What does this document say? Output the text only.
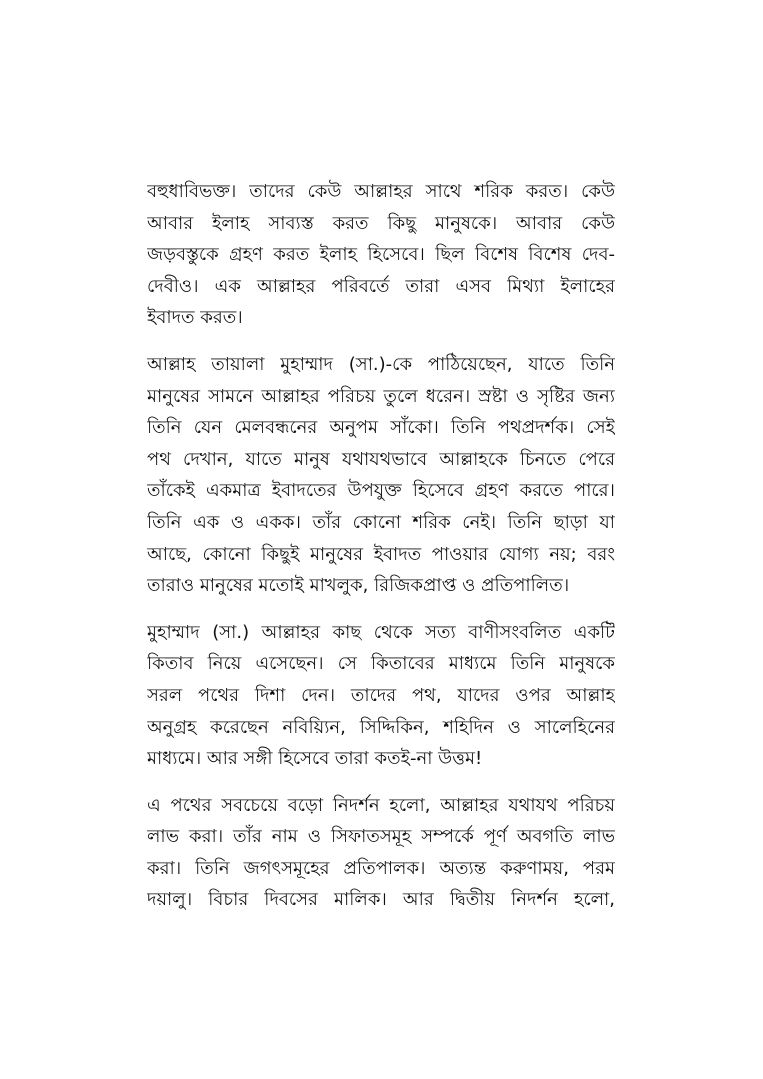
বহুধাবিভক্ত। তাদের কেউ আল্লাহর সাথে শরিক করত। কেউ
আবার ইলাহ সাব্যস্ত করত কিছু মানুষকে। আবার কেউ
জড়বস্তুকে গ্রহণ করত ইলাহ হিসেবে। ছিল বিশেষ বিশেষ দেব-
দেবীও। এক আল্লাহর পরিবর্তে তারা এসব মিথ্যা ইলাহের
ইবাদত করত।

আল্লাহ তায়ালা মুহাম্মাদ (সা.)-কে পাঠিয়েছেন, যাতে তিনি
মানুষের সামনে আল্লাহর পরিচয় তুলে ধরেন। স্রষ্টা ও সৃষ্টির জন্য
তিনি যেন মেলবন্ধনের অনুপম সাঁকো। তিনি পথপ্রদর্শক। সেই
পথ দেখান, যাতে মানুষ যথাযথভাবে আল্লাহকে চিনতে পেরে
তাঁকেই একমাত্র ইবাদতের উপযুক্ত হিসেবে গ্রহণ করতে পারে।
তিনি এক ও একক। তাঁর কোনো শরিক নেই। তিনি ছাড়া যা
আছে, কোনো কিছুই মানুষের ইবাদত পাওয়ার যোগ্য নয়; বরং
তারাও মানুষের মতোই মাখলুক, রিজিকপ্রাপ্ত ও প্রতিপালিত।

মুহাম্মাদ (সা.) আল্লাহর কাছ থেকে সত্য বাণীসংবলিত একটি
কিতাব নিয়ে এসেছেন। সে কিতাবের মাধ্যমে তিনি মানুষকে
সরল পথের দিশা দেন। তাদের পথ, যাদের ওপর আল্লাহ
অনুগ্রহ করেছেন নবিয়্যিন, সিদ্দিকিন, শহিদিন ও সালেহিনের
মাধ্যমে। আর সঙ্গী হিসেবে তারা কতই-না উত্তম!

এ পথের সবচেয়ে বড়ো নিদর্শন হলো, আল্লাহর যথাযথ পরিচয়
লাভ করা। তাঁর নাম ও সিফাতসমূহ সম্পর্কে পূর্ণ অবগতি লাভ
করা। তিনি জগৎসমূহের প্রতিপালক। অত্যন্ত করুণাময়, পরম
দয়ালু। বিচার দিবসের মালিক। আর দ্বিতীয় নিদর্শন হলো,
